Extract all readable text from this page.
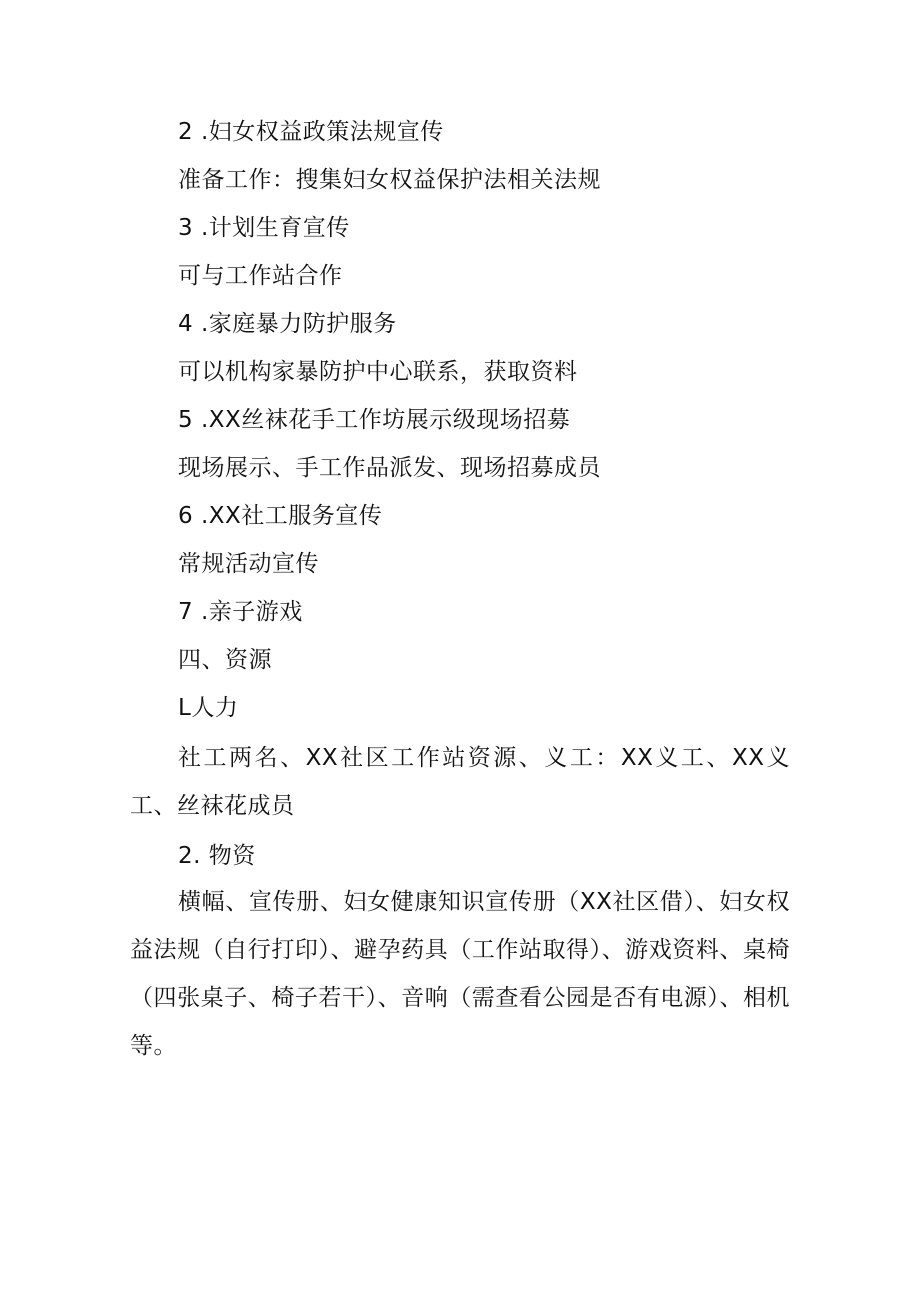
2 .妇女权益政策法规宣传
准备工作：搜集妇女权益保护法相关法规
3 .计划生育宣传
可与工作站合作
4 .家庭暴力防护服务
可以机构家暴防护中心联系，获取资料
5 .XX丝袜花手工作坊展示级现场招募
现场展示、手工作品派发、现场招募成员
6 .XX社工服务宣传
常规活动宣传
7 .亲子游戏
四、资源
L人力
社工两名、XX社区工作站资源、义工：XX义工、XX义工、丝袜花成员
2. 物资
横幅、宣传册、妇女健康知识宣传册（XX社区借）、妇女权益法规（自行打印）、避孕药具（工作站取得）、游戏资料、桌椅（四张桌子、椅子若干）、音响（需查看公园是否有电源）、相机等。
